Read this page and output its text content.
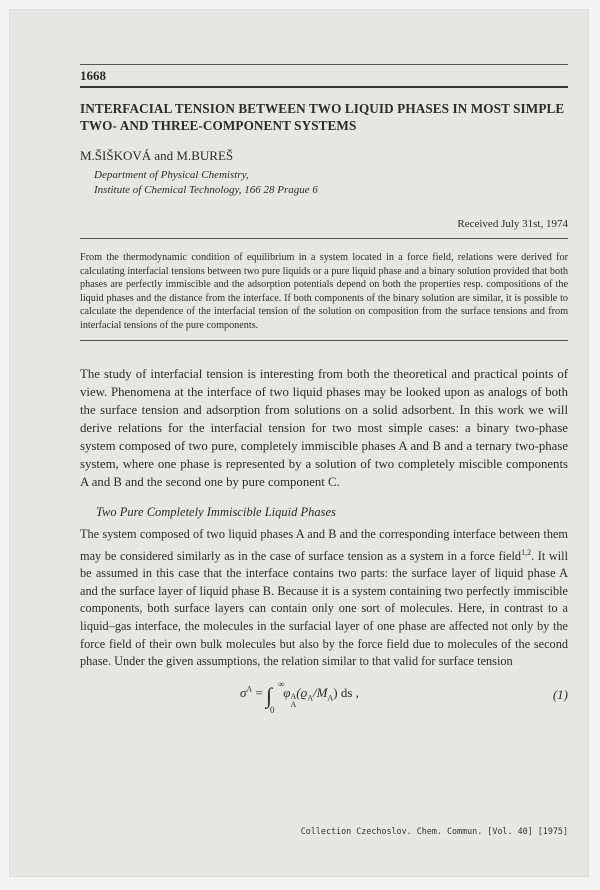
1668
INTERFACIAL TENSION BETWEEN TWO LIQUID PHASES IN MOST SIMPLE TWO- AND THREE-COMPONENT SYSTEMS
M.ŠIŠKOVÁ and M.BUREŠ
Department of Physical Chemistry,
Institute of Chemical Technology, 166 28 Prague 6
Received July 31st, 1974
From the thermodynamic condition of equilibrium in a system located in a force field, relations were derived for calculating interfacial tensions between two pure liquids or a pure liquid phase and a binary solution provided that both phases are perfectly immiscible and the adsorption potentials depend on both the properties resp. compositions of the liquid phases and the distance from the interface. If both components of the binary solution are similar, it is possible to calculate the dependence of the interfacial tension of the solution on composition from the surface tensions and from interfacial tensions of the pure components.
The study of interfacial tension is interesting from both the theoretical and practical points of view. Phenomena at the interface of two liquid phases may be looked upon as analogs of both the surface tension and adsorption from solutions on a solid adsorbent. In this work we will derive relations for the interfacial tension for two most simple cases: a binary two-phase system composed of two pure, completely immiscible phases A and B and a ternary two-phase system, where one phase is represented by a solution of two completely miscible components A and B and the second one by pure component C.
Two Pure Completely Immiscible Liquid Phases
The system composed of two liquid phases A and B and the corresponding interface between them may be considered similarly as in the case of surface tension as a system in a force field$^{1,2}$. It will be assumed in this case that the interface contains two parts: the surface layer of liquid phase A and the surface layer of liquid phase B. Because it is a system containing two perfectly immiscible components, both surface layers can contain only one sort of molecules. Here, in contrast to a liquid–gas interface, the molecules in the surfacial layer of one phase are affected not only by the force field of their own bulk molecules but also by the force field due to molecules of the second phase. Under the given assumptions, the relation similar to that valid for surface tension
$\sigma^A$ = ∫ ∞
0
φ A
A
$(ϱ_A/M_A)$ ds ,	(1)
Collection Czechoslov. Chem. Commun. [Vol. 40] [1975]
